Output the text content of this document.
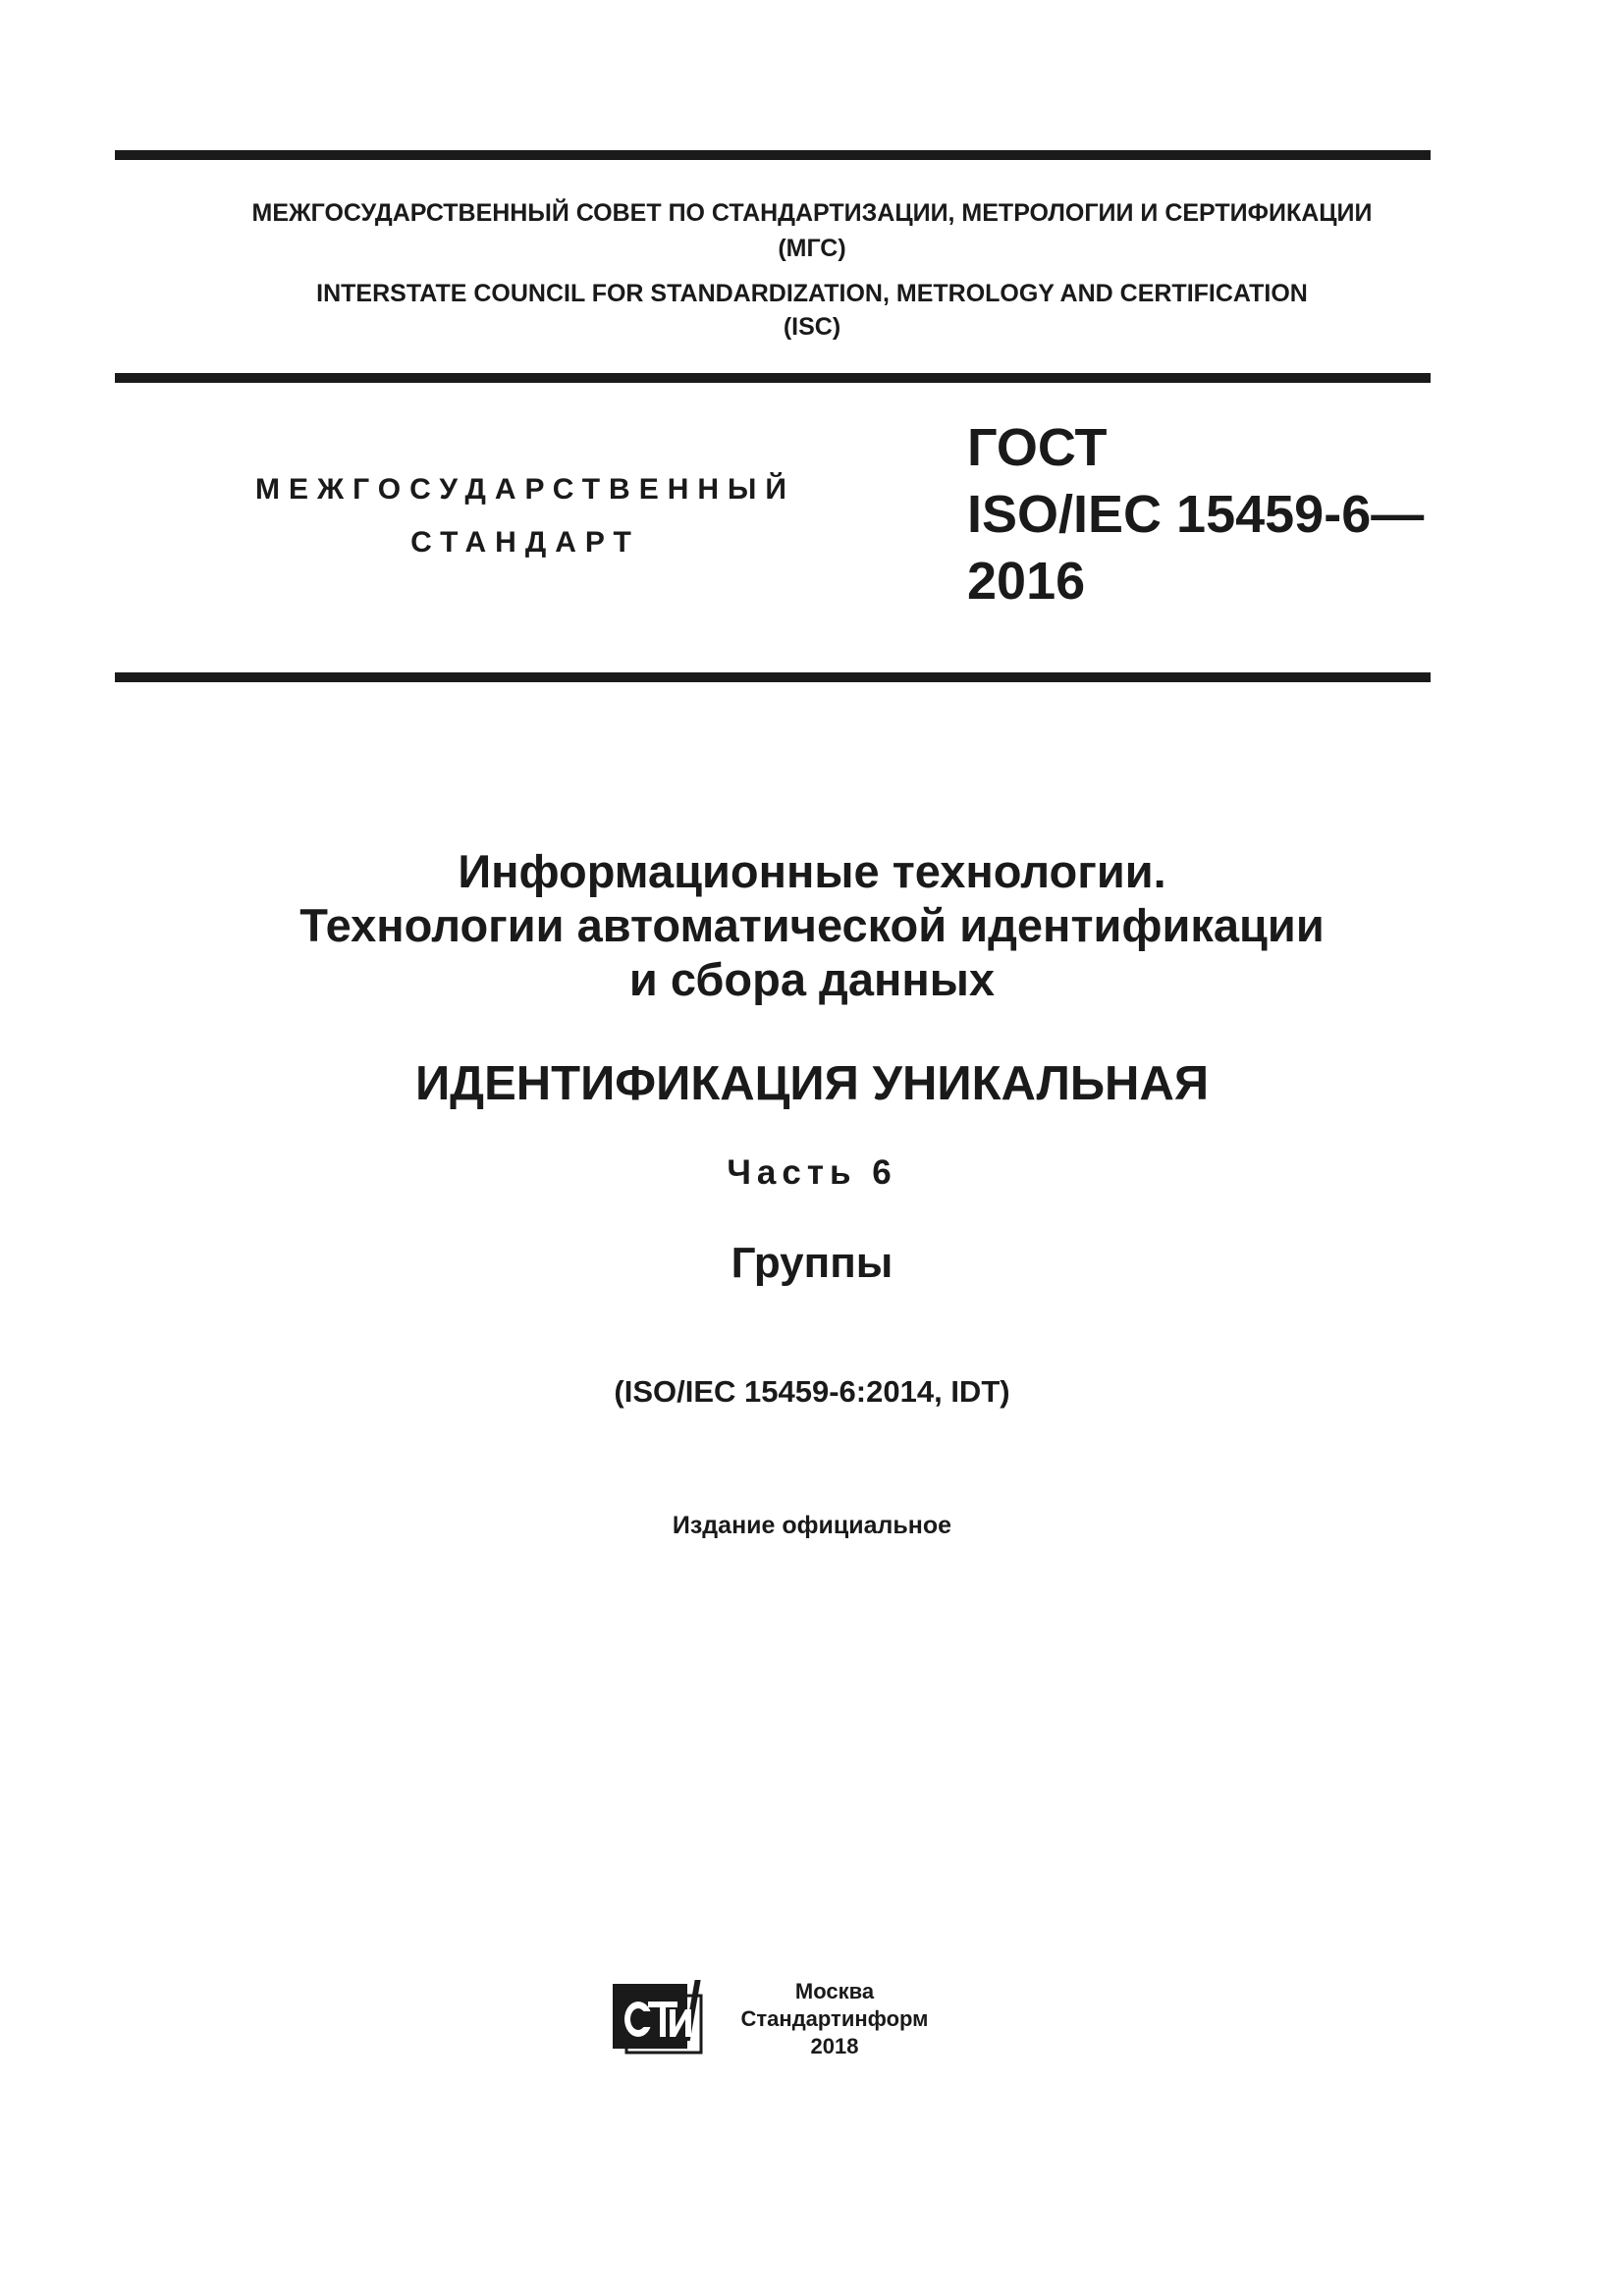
МЕЖГОСУДАРСТВЕННЫЙ СОВЕТ ПО СТАНДАРТИЗАЦИИ, МЕТРОЛОГИИ И СЕРТИФИКАЦИИ

(МГС)

INTERSTATE COUNCIL FOR STANDARDIZATION, METROLOGY AND CERTIFICATION

(ISC)

МЕЖГОСУДАРСТВЕННЫЙ
СТАНДАРТ
ГОСТ
ISO/IEC 15459-6—
2016
Информационные технологии.
Технологии автоматической идентификации
и сбора данных

ИДЕНТИФИКАЦИЯ УНИКАЛЬНАЯ

Часть 6

Группы

(ISO/IEC 15459-6:2014, IDT)

Издание официальное

Москва
Стандартинформ
2018
